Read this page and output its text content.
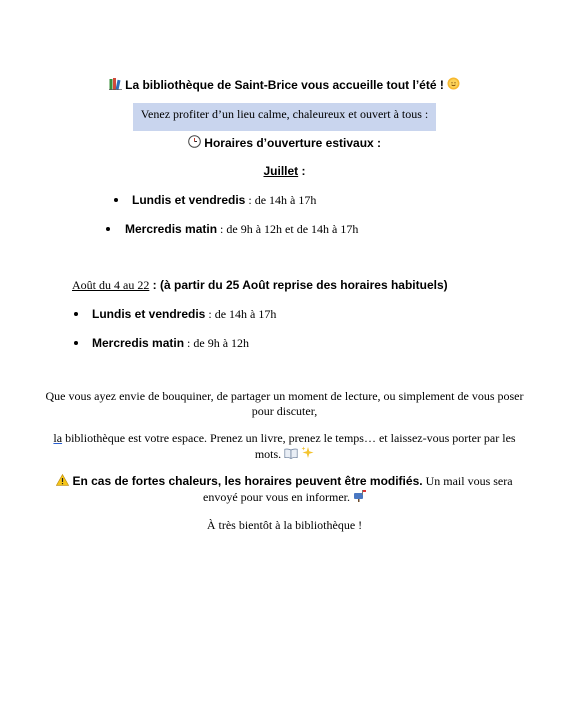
La bibliothèque de Saint-Brice vous accueille tout l’été !
Venez profiter d’un lieu calme, chaleureux et ouvert à tous :
Horaires d’ouverture estivaux :
Juillet :
Lundis et vendredis : de 14h à 17h
Mercredis matin : de 9h à 12h et de 14h à 17h
Août du 4 au 22 : (à partir du 25 Août reprise des horaires habituels)
Lundis et vendredis : de 14h à 17h
Mercredis matin : de 9h à 12h
Que vous ayez envie de bouquiner, de partager un moment de lecture, ou simplement de vous poser pour discuter,
la bibliothèque est votre espace. Prenez un livre, prenez le temps… et laissez-vous porter par les mots.
En cas de fortes chaleurs, les horaires peuvent être modifiés. Un mail vous sera envoyé pour vous en informer.
À très bientôt à la bibliothèque !
